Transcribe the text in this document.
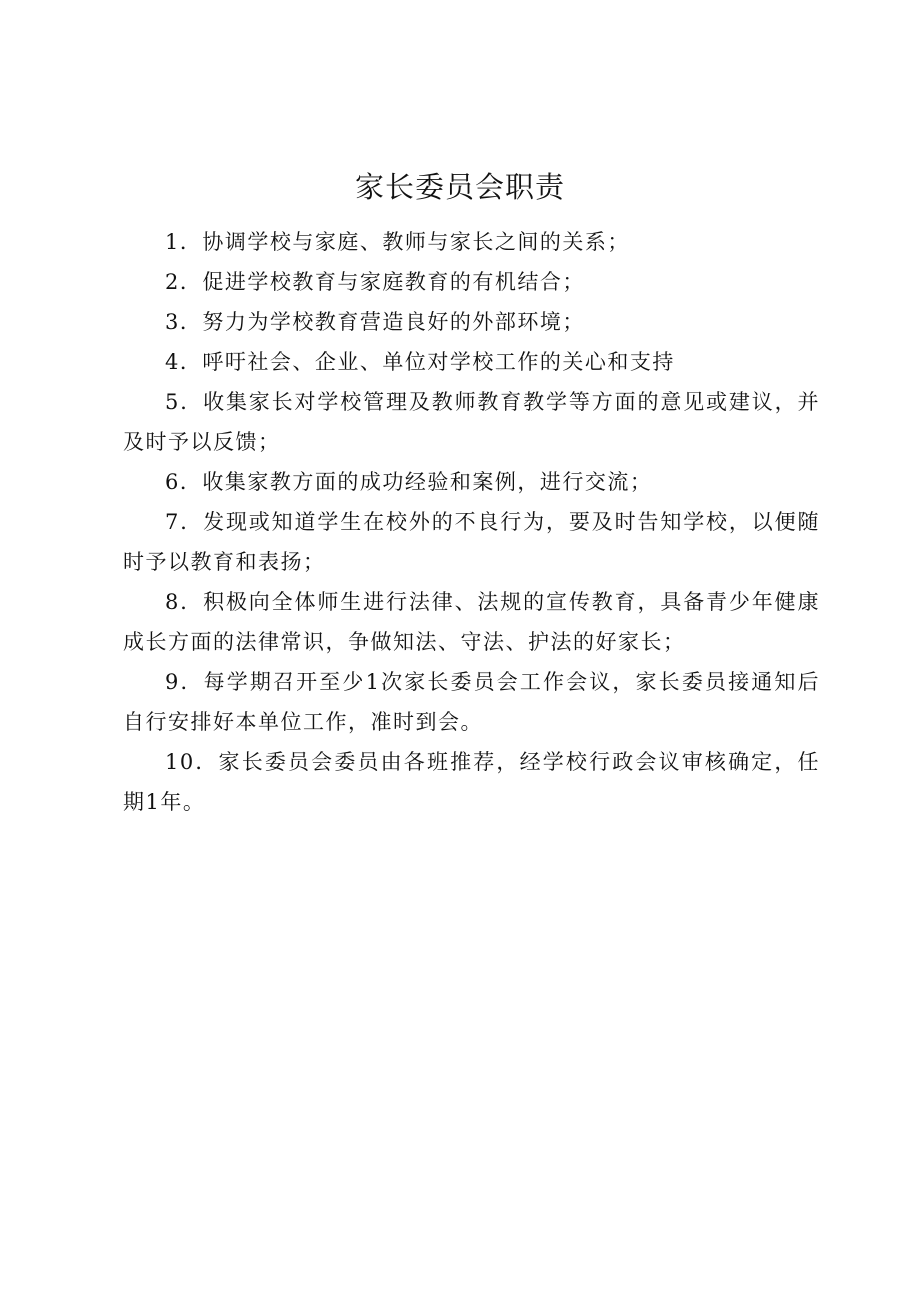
家长委员会职责

1．协调学校与家庭、教师与家长之间的关系；

2．促进学校教育与家庭教育的有机结合；

3．努力为学校教育营造良好的外部环境；

4．呼吁社会、企业、单位对学校工作的关心和支持

5．收集家长对学校管理及教师教育教学等方面的意见或建议，并及时予以反馈；

6．收集家教方面的成功经验和案例，进行交流；

7．发现或知道学生在校外的不良行为，要及时告知学校，以便随时予以教育和表扬；

8．积极向全体师生进行法律、法规的宣传教育，具备青少年健康成长方面的法律常识，争做知法、守法、护法的好家长；

9．每学期召开至少1次家长委员会工作会议，家长委员接通知后自行安排好本单位工作，准时到会。

10．家长委员会委员由各班推荐，经学校行政会议审核确定，任期1年。
